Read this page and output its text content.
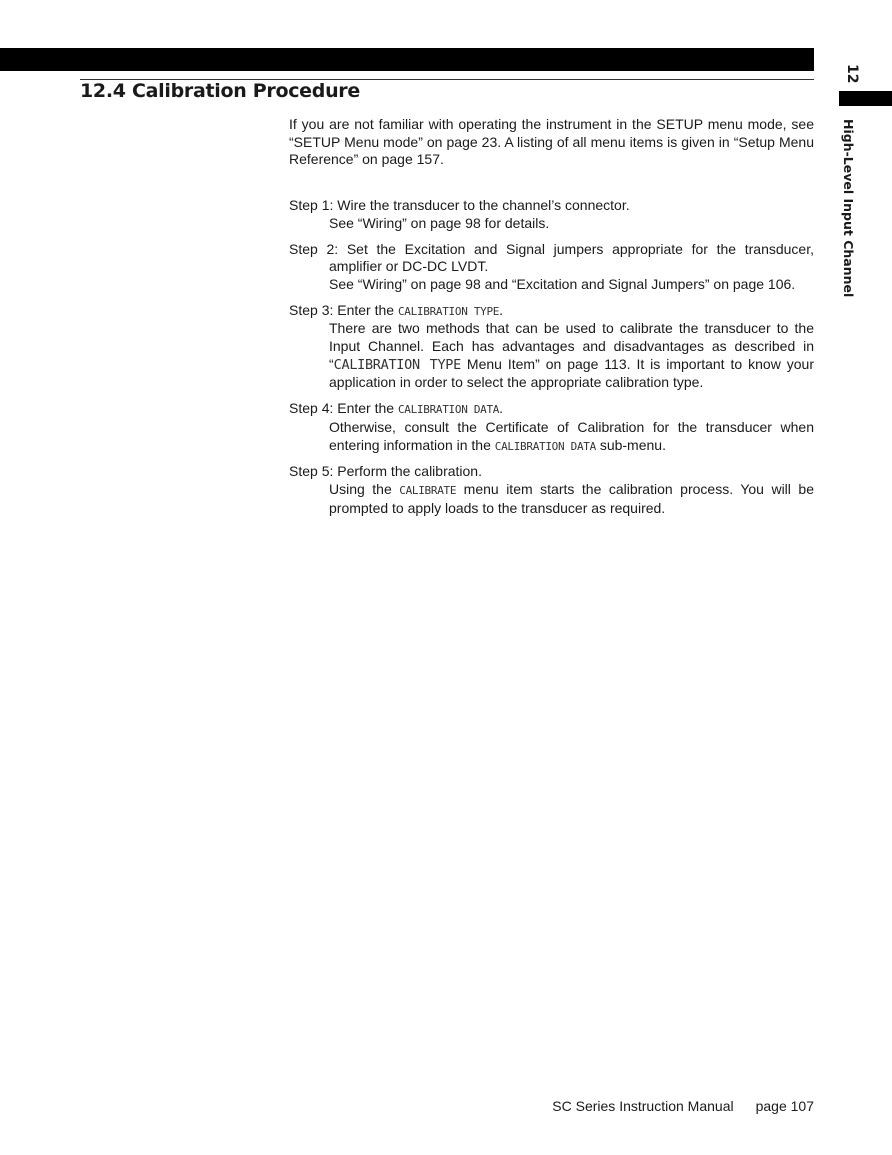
12.4 Calibration Procedure
12
High-Level Input Channel

If you are not familiar with operating the instrument in the SETUP menu mode, see “SETUP Menu mode” on page 23. A listing of all menu items is given in “Setup Menu Reference” on page 157.

Step 1: Wire the transducer to the channel’s connector.

See “Wiring” on page 98 for details.

Step 2: Set the Excitation and Signal jumpers appropriate for the transducer,

amplifier or DC-DC LVDT.

See “Wiring” on page 98 and “Excitation and Signal Jumpers” on page 106.

Step 3: Enter the CALIBRATION TYPE.

There are two methods that can be used to calibrate the transducer to the Input Channel. Each has advantages and disadvantages as described in “CALIBRATION TYPE Menu Item” on page 113. It is important to know your application in order to select the appropriate calibration type.

Step 4: Enter the CALIBRATION DATA.

Otherwise, consult the Certificate of Calibration for the transducer when entering information in the CALIBRATION DATA sub-menu.

Step 5: Perform the calibration.

Using the CALIBRATE menu item starts the calibration process. You will be prompted to apply loads to the transducer as required.

SC Series Instruction Manual page 107
